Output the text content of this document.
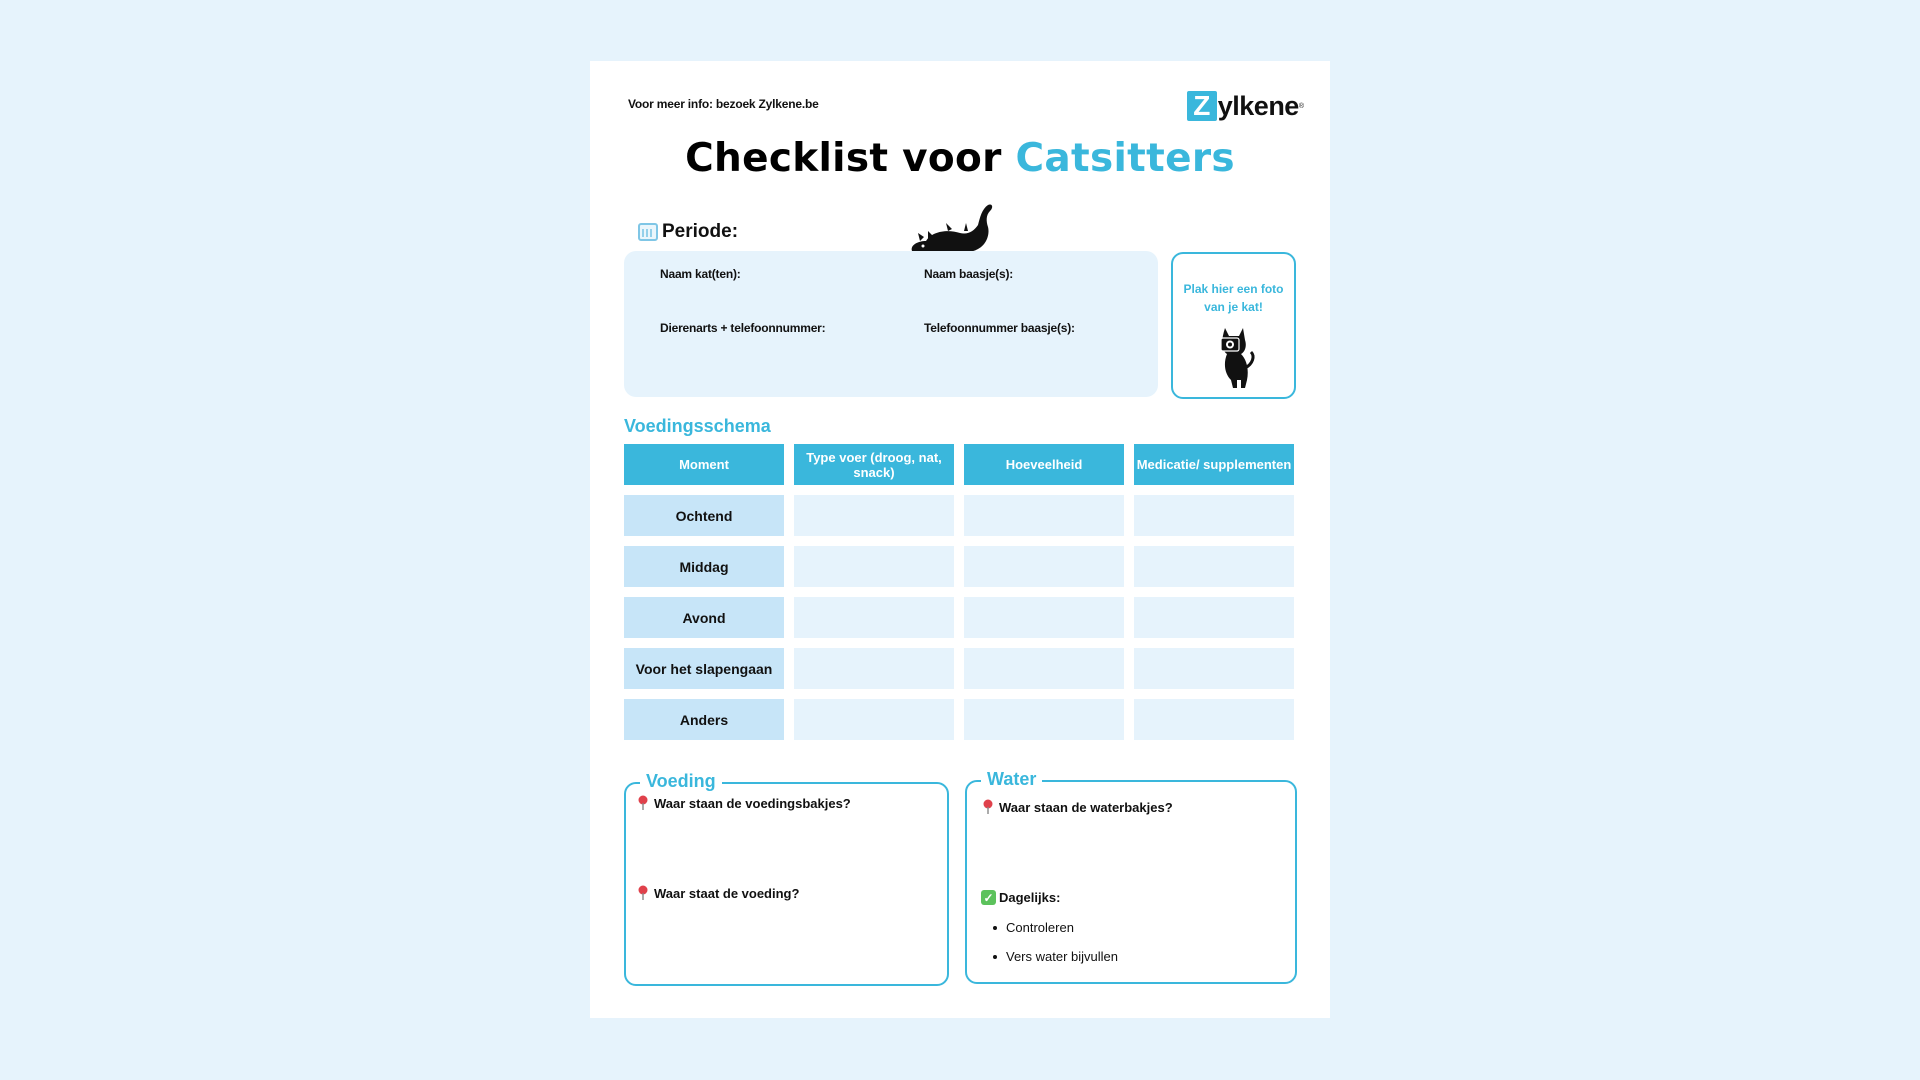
Voor meer info: bezoek Zylkene.be	Z ylkene ®
Checklist voor Catsitters
Periode:
Naam kat(ten):	Naam baasje(s):
Dierenarts + telefoonnummer:	Telefoonnummer baasje(s):
Plak hier een foto
van je kat!
Voedingsschema
Moment	Type voer (droog, nat, snack)	Hoeveelheid	Medicatie/ supplementen
Ochtend
Middag
Avond
Voor het slapengaan
Anders
Voeding
Waar staan de voedingsbakjes?
Waar staat de voeding?
Water
Waar staan de waterbakjes?
✓ Dagelijks:
Controleren
Vers water bijvullen
